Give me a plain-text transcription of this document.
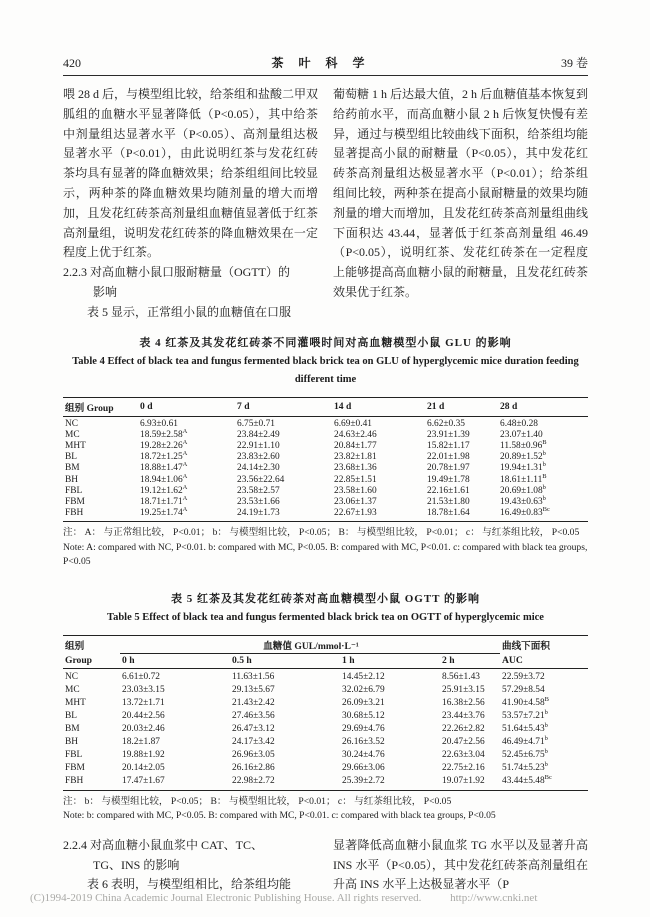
420	茶 叶 科 学	39 卷
喂 28 d 后，与模型组比较，给茶组和盐酸二甲双胍组的血糖水平显著降低（P<0.05），其中给茶中剂量组达显著水平（P<0.05）、高剂量组达极显著水平（P<0.01），由此说明红茶与发花红砖茶均具有显著的降血糖效果；给茶组组间比较显示，两种茶的降血糖效果均随剂量的增大而增加，且发花红砖茶高剂量组血糖值显著低于红茶高剂量组，说明发花红砖茶的降血糖效果在一定程度上优于红茶。
2.2.3 对高血糖小鼠口服耐糖量（OGTT）的
影响
表 5 显示，正常组小鼠的血糖值在口服
葡萄糖 1 h 后达最大值，2 h 后血糖值基本恢复到给药前水平，而高血糖小鼠 2 h 后恢复快慢有差异，通过与模型组比较曲线下面积，给茶组均能显著提高小鼠的耐糖量（P<0.05），其中发花红砖茶高剂量组达极显著水平（P<0.01）；给茶组组间比较，两种茶在提高小鼠耐糖量的效果均随剂量的增大而增加，且发花红砖茶高剂量组曲线下面积达 43.44，显著低于红茶高剂量组 46.49（P<0.05），说明红茶、发花红砖茶在一定程度上能够提高高血糖小鼠的耐糖量，且发花红砖茶效果优于红茶。
表 4 红茶及其发花红砖茶不同灌喂时间对高血糖模型小鼠 GLU 的影响
Table 4 Effect of black tea and fungus fermented black brick tea on GLU of hyperglycemic mice duration feeding different time
组别 Group	0 d	7 d	14 d	21 d	28 d
NC	6.93±0.61	6.75±0.71	6.69±0.41	6.62±0.35	6.48±0.28
MC	$18.59\pm 2.58^A$	23.84±2.49	24.63±2.46	23.91±1.39	23.07±1.40
MHT	$19.28\pm 2.26^A$	22.91±1.10	20.84±1.77	15.82±1.17	$11.58\pm 0.96^B$
BL	$18.72\pm 1.25^A$	23.83±2.60	23.82±1.81	22.01±1.98	20.89±1.52$^b$
BM	$18.88\pm 1.47^A$	24.14±2.30	23.68±1.36	20.78±1.97	19.94±1.31$^b$
BH	$18.94\pm 1.06^A$	23.56±22.64	22.85±1.51	19.49±1.78	$18.61\pm 1.11^B$
FBL	$19.12\pm 1.62^A$	23.58±2.57	23.58±1.60	22.16±1.61	20.69±1.08$^b$
FBM	$18.71\pm 1.71^A$	23.53±1.66	23.06±1.37	21.53±1.80	19.43±0.63$^b$
FBH	$19.25\pm 1.74^A$	24.19±1.73	22.67±1.93	18.78±1.64	$16.49\pm 0.83^{Bc}$
注： A： 与正常组比较， P<0.01； b： 与模型组比较， P<0.05； B： 与模型组比较， P<0.01； c： 与红茶组比较， P<0.05
Note: A: compared with NC, P<0.01. b: compared with MC, P<0.05. B: compared with MC, P<0.01. c: compared with black tea groups, P<0.05
表 5 红茶及其发花红砖茶对高血糖模型小鼠 OGTT 的影响
Table 5 Effect of black tea and fungus fermented black brick tea on OGTT of hyperglycemic mice
组别	血糖值 GUL/mmol·L⁻¹				曲线下面积
Group	0 h	0.5 h	1 h	2 h	AUC
NC	6.61±0.72	11.63±1.56	14.45±2.12	8.56±1.43	22.59±3.72
MC	23.03±3.15	29.13±5.67	32.02±6.79	25.91±3.15	57.29±8.54
MHT	13.72±1.71	21.43±2.42	26.09±3.21	16.38±2.56	$41.90\pm 4.58^B$
BL	20.44±2.56	27.46±3.56	30.68±5.12	23.44±3.76	53.57±7.21$^b$
BM	20.03±2.46	26.47±3.12	29.69±4.76	22.26±2.82	51.64±5.43$^b$
BH	18.2±1.87	24.17±3.42	26.16±3.52	20.47±2.56	46.49±4.71$^b$
FBL	19.88±1.92	26.96±3.05	30.24±4.76	22.63±3.04	52.45±6.75$^b$
FBM	20.14±2.05	26.16±2.86	29.66±3.06	22.75±2.16	51.74±5.23$^b$
FBH	17.47±1.67	22.98±2.72	25.39±2.72	19.07±1.92	$43.44\pm 5.48^{Bc}$
注： b： 与模型组比较， P<0.05； B： 与模型组比较， P<0.01； c： 与红茶组比较， P<0.05
Note: b: compared with MC, P<0.05. B: compared with MC, P<0.01. c: compared with black tea groups, P<0.05
2.2.4 对高血糖小鼠血浆中 CAT、TC、
TG、INS 的影响
表 6 表明，与模型组相比，给茶组均能
显著降低高血糖小鼠血浆 TG 水平以及显著升高 INS 水平（P<0.05），其中发花红砖茶高剂量组在升高 INS 水平上达极显著水平（P
(C)1994-2019 China Academic Journal Electronic Publishing House. All rights reserved.	http://www.cnki.net
